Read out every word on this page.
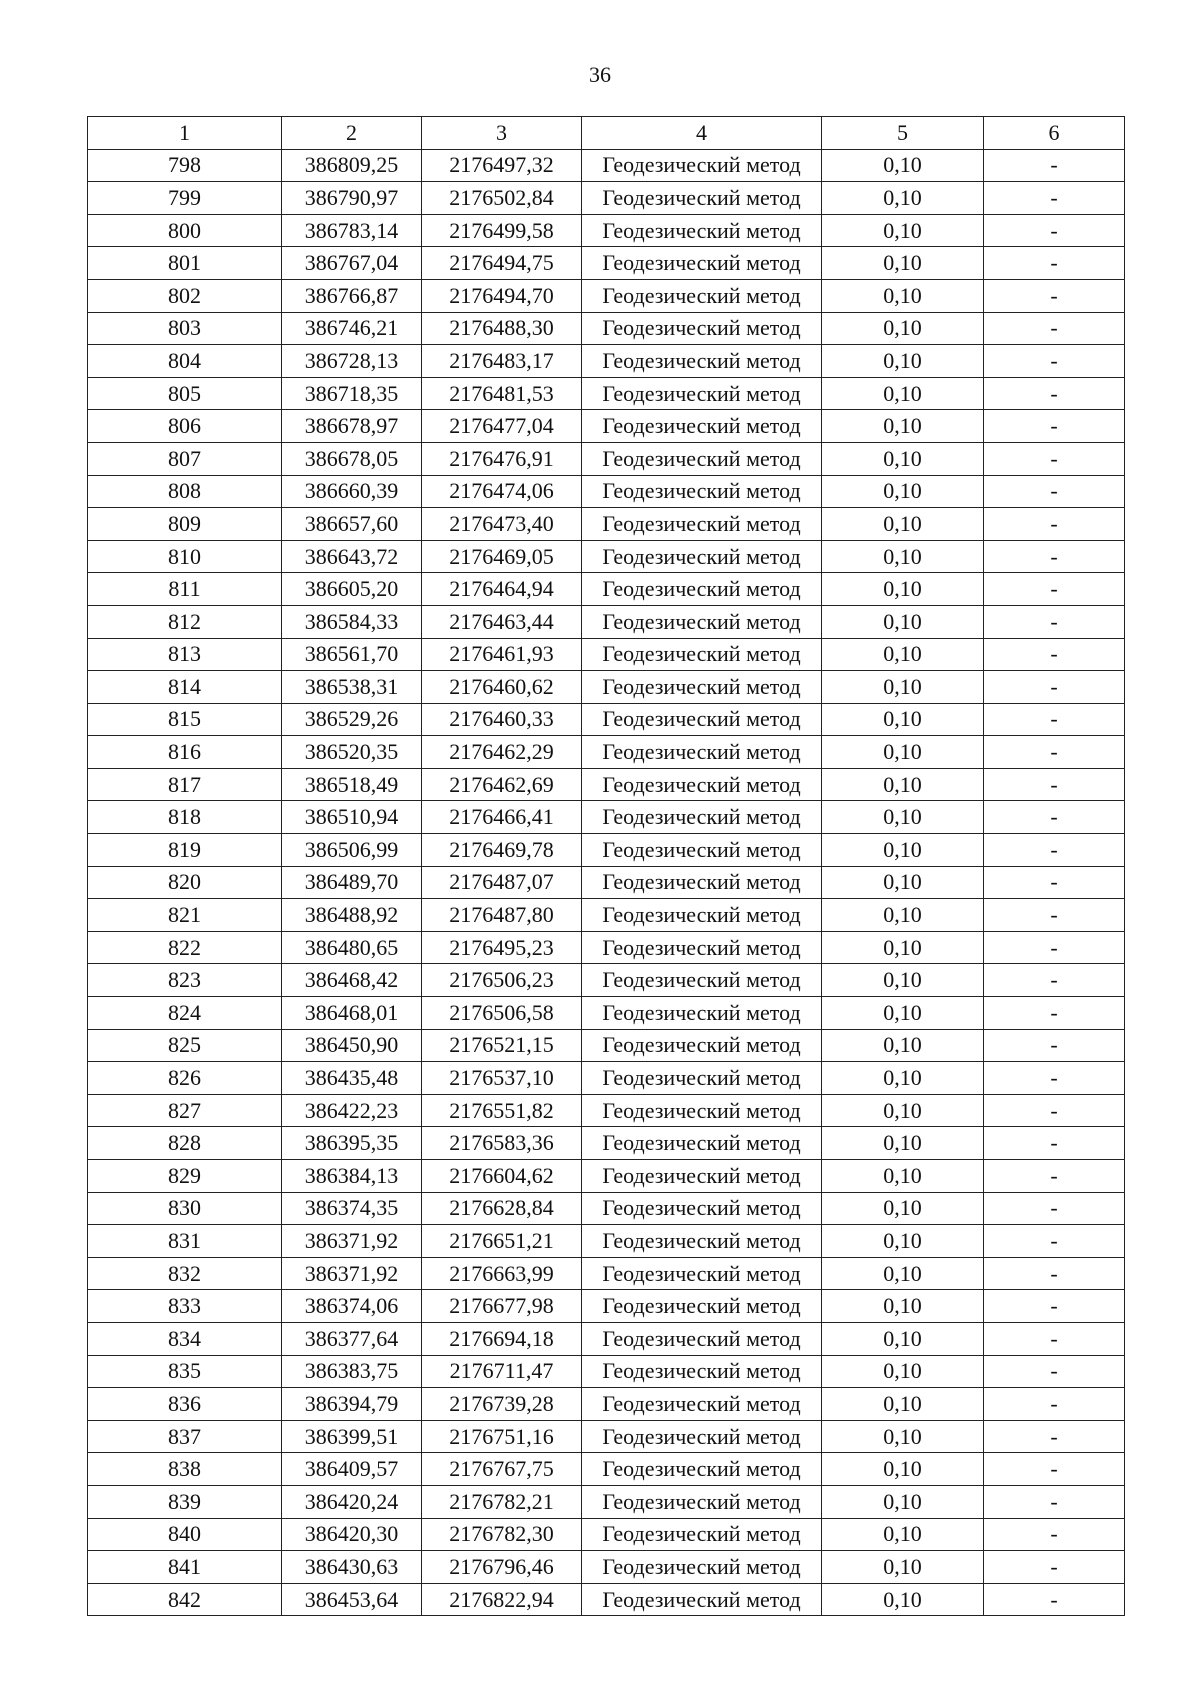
36
1	2	3	4	5	6
798	386809,25	2176497,32	Геодезический метод	0,10	-
799	386790,97	2176502,84	Геодезический метод	0,10	-
800	386783,14	2176499,58	Геодезический метод	0,10	-
801	386767,04	2176494,75	Геодезический метод	0,10	-
802	386766,87	2176494,70	Геодезический метод	0,10	-
803	386746,21	2176488,30	Геодезический метод	0,10	-
804	386728,13	2176483,17	Геодезический метод	0,10	-
805	386718,35	2176481,53	Геодезический метод	0,10	-
806	386678,97	2176477,04	Геодезический метод	0,10	-
807	386678,05	2176476,91	Геодезический метод	0,10	-
808	386660,39	2176474,06	Геодезический метод	0,10	-
809	386657,60	2176473,40	Геодезический метод	0,10	-
810	386643,72	2176469,05	Геодезический метод	0,10	-
811	386605,20	2176464,94	Геодезический метод	0,10	-
812	386584,33	2176463,44	Геодезический метод	0,10	-
813	386561,70	2176461,93	Геодезический метод	0,10	-
814	386538,31	2176460,62	Геодезический метод	0,10	-
815	386529,26	2176460,33	Геодезический метод	0,10	-
816	386520,35	2176462,29	Геодезический метод	0,10	-
817	386518,49	2176462,69	Геодезический метод	0,10	-
818	386510,94	2176466,41	Геодезический метод	0,10	-
819	386506,99	2176469,78	Геодезический метод	0,10	-
820	386489,70	2176487,07	Геодезический метод	0,10	-
821	386488,92	2176487,80	Геодезический метод	0,10	-
822	386480,65	2176495,23	Геодезический метод	0,10	-
823	386468,42	2176506,23	Геодезический метод	0,10	-
824	386468,01	2176506,58	Геодезический метод	0,10	-
825	386450,90	2176521,15	Геодезический метод	0,10	-
826	386435,48	2176537,10	Геодезический метод	0,10	-
827	386422,23	2176551,82	Геодезический метод	0,10	-
828	386395,35	2176583,36	Геодезический метод	0,10	-
829	386384,13	2176604,62	Геодезический метод	0,10	-
830	386374,35	2176628,84	Геодезический метод	0,10	-
831	386371,92	2176651,21	Геодезический метод	0,10	-
832	386371,92	2176663,99	Геодезический метод	0,10	-
833	386374,06	2176677,98	Геодезический метод	0,10	-
834	386377,64	2176694,18	Геодезический метод	0,10	-
835	386383,75	2176711,47	Геодезический метод	0,10	-
836	386394,79	2176739,28	Геодезический метод	0,10	-
837	386399,51	2176751,16	Геодезический метод	0,10	-
838	386409,57	2176767,75	Геодезический метод	0,10	-
839	386420,24	2176782,21	Геодезический метод	0,10	-
840	386420,30	2176782,30	Геодезический метод	0,10	-
841	386430,63	2176796,46	Геодезический метод	0,10	-
842	386453,64	2176822,94	Геодезический метод	0,10	-
